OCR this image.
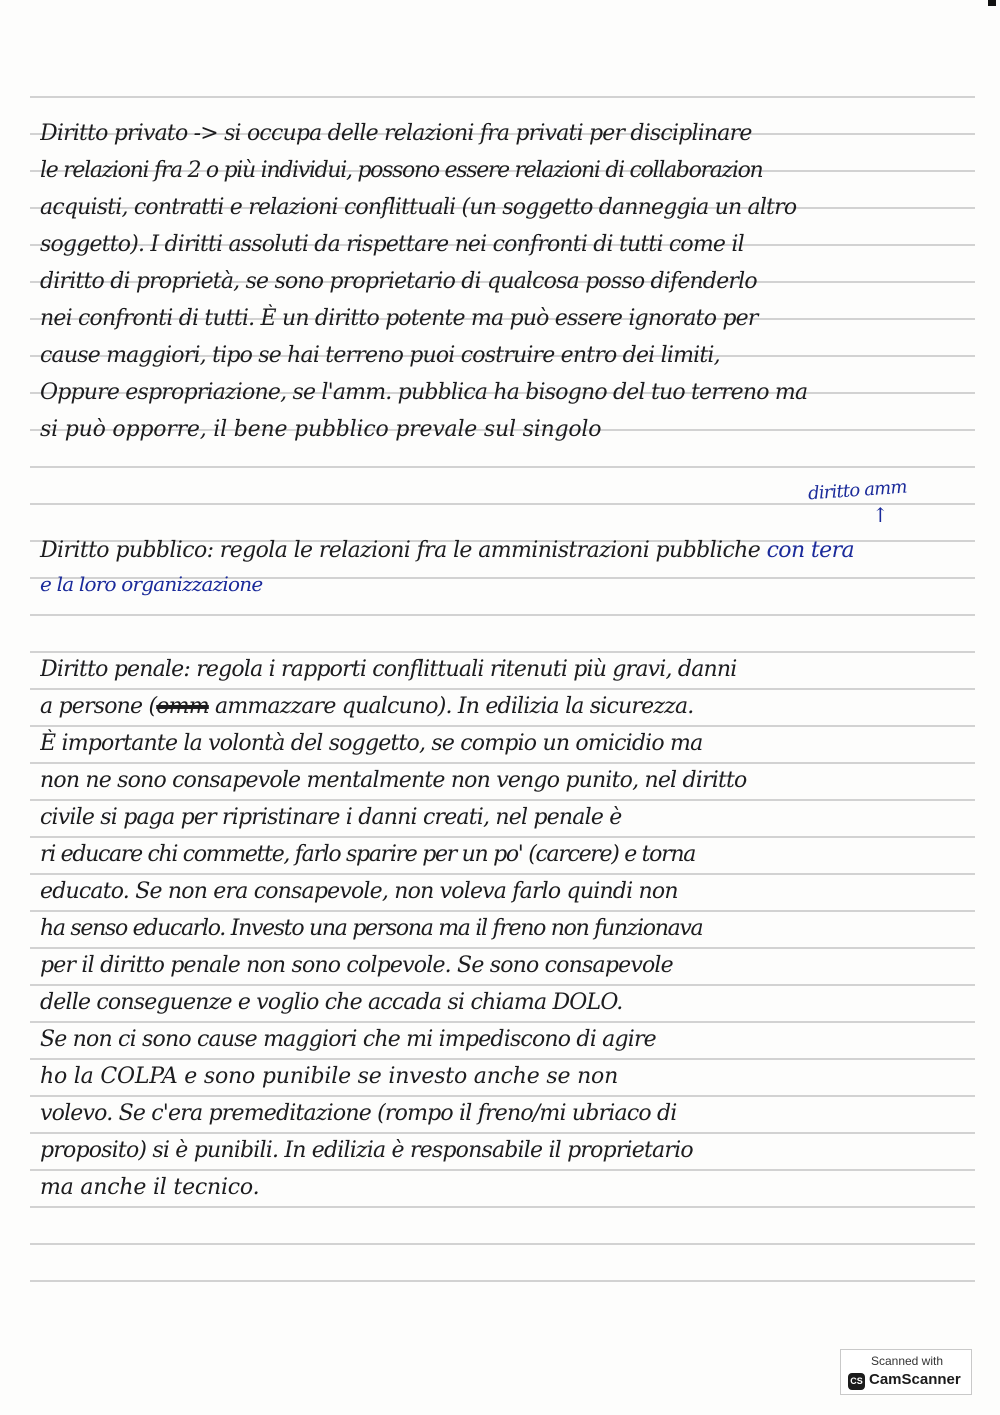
Diritto privato -> si occupa delle relazioni fra privati per disciplinare
le relazioni fra 2 o più individui, possono essere relazioni di collaborazion
acquisti, contratti e relazioni conflittuali (un soggetto danneggia un altro
soggetto). I diritti assoluti da rispettare nei confronti di tutti come il
diritto di proprietà, se sono proprietario di qualcosa posso difenderlo
nei confronti di tutti. È un diritto potente ma può essere ignorato per
cause maggiori, tipo se hai terreno puoi costruire entro dei limiti,
Oppure espropriazione, se l'amm. pubblica ha bisogno del tuo terreno ma
si può opporre, il bene pubblico prevale sul singolo
diritto amm
↑
Diritto pubblico: regola le relazioni fra le amministrazioni pubbliche con tera
e la loro organizzazione
Diritto penale: regola i rapporti conflittuali ritenuti più gravi, danni
a persone (omm ammazzare qualcuno). In edilizia la sicurezza.
È importante la volontà del soggetto, se compio un omicidio ma
non ne sono consapevole mentalmente non vengo punito, nel diritto
civile si paga per ripristinare i danni creati, nel penale è
ri educare chi commette, farlo sparire per un po' (carcere) e torna
educato. Se non era consapevole, non voleva farlo quindi non
ha senso educarlo. Investo una persona ma il freno non funzionava
per il diritto penale non sono colpevole. Se sono consapevole
delle conseguenze e voglio che accada si chiama DOLO.
Se non ci sono cause maggiori che mi impediscono di agire
ho la COLPA e sono punibile se investo anche se non
volevo. Se c'era premeditazione (rompo il freno/mi ubriaco di
proposito) si è punibili. In edilizia è responsabile il proprietario
ma anche il tecnico.
Scanned with
CS CamScanner
